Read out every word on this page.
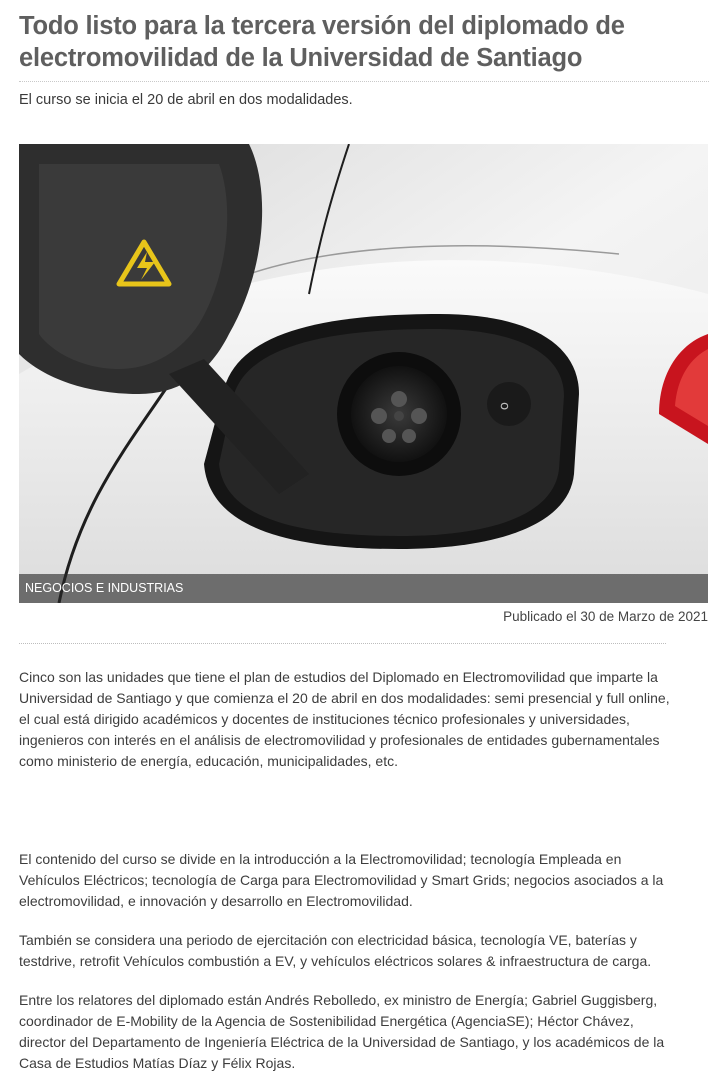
Todo listo para la tercera versión del diplomado de electromovilidad de la Universidad de Santiago

El curso se inicia el 20 de abril en dos modalidades.

ᴑ
NEGOCIOS E INDUSTRIAS
Publicado el 30 de Marzo de 2021

Cinco son las unidades que tiene el plan de estudios del Diplomado en Electromovilidad que imparte la Universidad de Santiago y que comienza el 20 de abril en dos modalidades: semi presencial y full online, el cual está dirigido académicos y docentes de instituciones técnico profesionales y universidades, ingenieros con interés en el análisis de electromovilidad y profesionales de entidades gubernamentales como ministerio de energía, educación, municipalidades, etc.

El contenido del curso se divide en la introducción a la Electromovilidad; tecnología Empleada en Vehículos Eléctricos; tecnología de Carga para Electromovilidad y Smart Grids; negocios asociados a la electromovilidad, e innovación y desarrollo en Electromovilidad.

También se considera una periodo de ejercitación con electricidad básica, tecnología VE, baterías y testdrive, retrofit Vehículos combustión a EV, y vehículos eléctricos solares & infraestructura de carga.

Entre los relatores del diplomado están Andrés Rebolledo, ex ministro de Energía; Gabriel Guggisberg, coordinador de E-Mobility de la Agencia de Sostenibilidad Energética (AgenciaSE); Héctor Chávez, director del Departamento de Ingeniería Eléctrica de la Universidad de Santiago, y los académicos de la Casa de Estudios Matías Díaz y Félix Rojas.
